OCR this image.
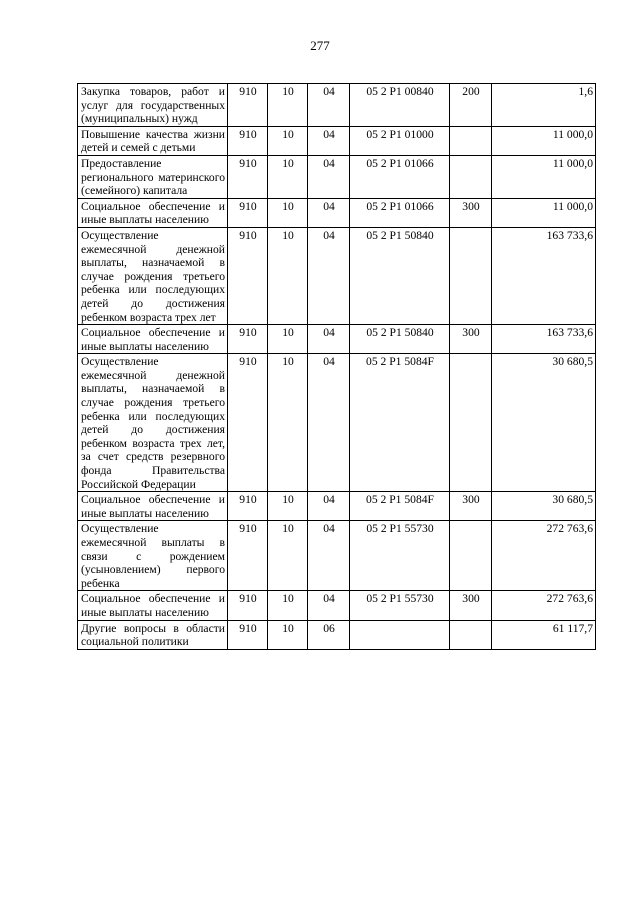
277
Закупка товаров, работ и услуг для государственных (муниципальных) нужд	910	10	04	05 2 Р1 00840	200	1,6
Повышение качества жизни детей и семей с детьми	910	10	04	05 2 Р1 01000		11 000,0
Предоставление регионального материнского (семейного) капитала	910	10	04	05 2 Р1 01066		11 000,0
Социальное обеспечение и иные выплаты населению	910	10	04	05 2 Р1 01066	300	11 000,0
Осуществление ежемесячной денежной выплаты, назначаемой в случае рождения третьего ребенка или последующих детей до достижения ребенком возраста трех лет	910	10	04	05 2 Р1 50840		163 733,6
Социальное обеспечение и иные выплаты населению	910	10	04	05 2 Р1 50840	300	163 733,6
Осуществление ежемесячной денежной выплаты, назначаемой в случае рождения третьего ребенка или последующих детей до достижения ребенком возраста трех лет, за счет средств резервного фонда Правительства Российской Федерации	910	10	04	05 2 Р1 5084F		30 680,5
Социальное обеспечение и иные выплаты населению	910	10	04	05 2 Р1 5084F	300	30 680,5
Осуществление ежемесячной выплаты в связи с рождением (усыновлением) первого ребенка	910	10	04	05 2 Р1 55730		272 763,6
Социальное обеспечение и иные выплаты населению	910	10	04	05 2 Р1 55730	300	272 763,6
Другие вопросы в области социальной политики	910	10	06			61 117,7
